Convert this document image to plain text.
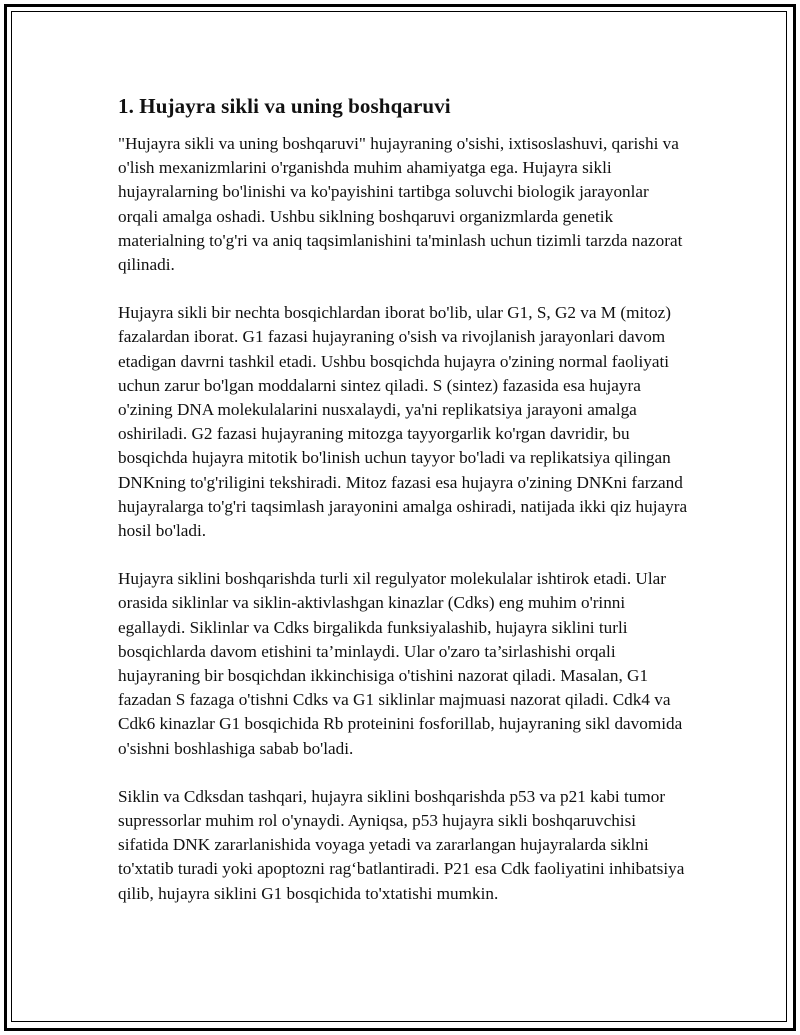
1. Hujayra sikli va uning boshqaruvi

"Hujayra sikli va uning boshqaruvi" hujayraning o'sishi, ixtisoslashuvi, qarishi va o'lish mexanizmlarini o'rganishda muhim ahamiyatga ega. Hujayra sikli hujayralarning bo'linishi va ko'payishini tartibga soluvchi biologik jarayonlar orqali amalga oshadi. Ushbu siklning boshqaruvi organizmlarda genetik materialning to'g'ri va aniq taqsimlanishini ta'minlash uchun tizimli tarzda nazorat qilinadi.

Hujayra sikli bir nechta bosqichlardan iborat bo'lib, ular G1, S, G2 va M (mitoz) fazalardan iborat. G1 fazasi hujayraning o'sish va rivojlanish jarayonlari davom etadigan davrni tashkil etadi. Ushbu bosqichda hujayra o'zining normal faoliyati uchun zarur bo'lgan moddalarni sintez qiladi. S (sintez) fazasida esa hujayra o'zining DNA molekulalarini nusxalaydi, ya'ni replikatsiya jarayoni amalga oshiriladi. G2 fazasi hujayraning mitozga tayyorgarlik ko'rgan davridir, bu bosqichda hujayra mitotik bo'linish uchun tayyor bo'ladi va replikatsiya qilingan DNKning to'g'riligini tekshiradi. Mitoz fazasi esa hujayra o'zining DNKni farzand hujayralarga to'g'ri taqsimlash jarayonini amalga oshiradi, natijada ikki qiz hujayra hosil bo'ladi.

Hujayra siklini boshqarishda turli xil regulyator molekulalar ishtirok etadi. Ular orasida siklinlar va siklin-aktivlashgan kinazlar (Cdks) eng muhim o'rinni egallaydi. Siklinlar va Cdks birgalikda funksiyalashib, hujayra siklini turli bosqichlarda davom etishini ta’minlaydi. Ular o'zaro ta’sirlashishi orqali hujayraning bir bosqichdan ikkinchisiga o'tishini nazorat qiladi. Masalan, G1 fazadan S fazaga o'tishni Cdks va G1 siklinlar majmuasi nazorat qiladi. Cdk4 va Cdk6 kinazlar G1 bosqichida Rb proteinini fosforillab, hujayraning sikl davomida o'sishni boshlashiga sabab bo'ladi.

Siklin va Cdksdan tashqari, hujayra siklini boshqarishda p53 va p21 kabi tumor supressorlar muhim rol o'ynaydi. Ayniqsa, p53 hujayra sikli boshqaruvchisi sifatida DNK zararlanishida voyaga yetadi va zararlangan hujayralarda siklni to'xtatib turadi yoki apoptozni rag‘batlantiradi. P21 esa Cdk faoliyatini inhibatsiya qilib, hujayra siklini G1 bosqichida to'xtatishi mumkin.
